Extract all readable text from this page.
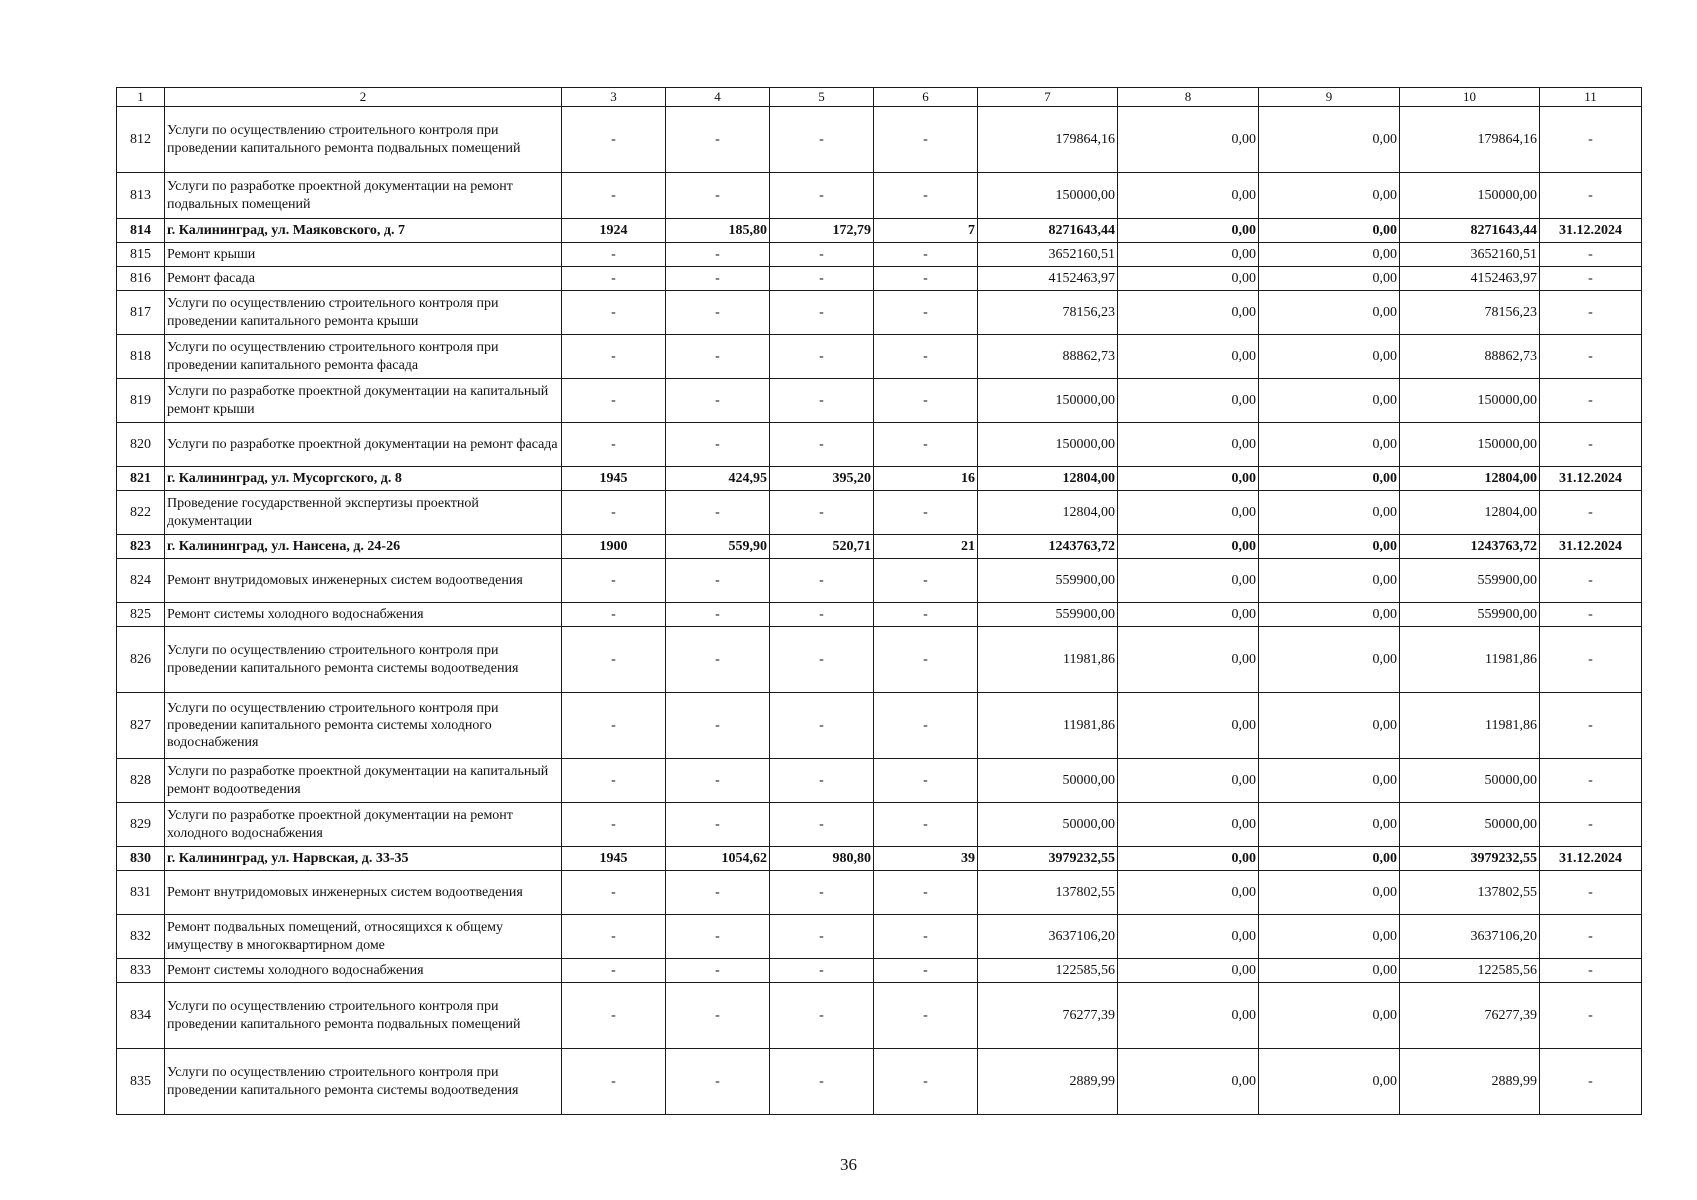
1	2	3	4	5	6	7	8	9	10	11
812	Услуги по осуществлению строительного контроля при проведении капитального ремонта подвальных помещений	-	-	-	-	179864,16	0,00	0,00	179864,16	-
813	Услуги по разработке проектной документации на ремонт подвальных помещений	-	-	-	-	150000,00	0,00	0,00	150000,00	-
814	г. Калининград, ул. Маяковского, д. 7	1924	185,80	172,79	7	8271643,44	0,00	0,00	8271643,44	31.12.2024
815	Ремонт крыши	-	-	-	-	3652160,51	0,00	0,00	3652160,51	-
816	Ремонт фасада	-	-	-	-	4152463,97	0,00	0,00	4152463,97	-
817	Услуги по осуществлению строительного контроля при проведении капитального ремонта крыши	-	-	-	-	78156,23	0,00	0,00	78156,23	-
818	Услуги по осуществлению строительного контроля при проведении капитального ремонта фасада	-	-	-	-	88862,73	0,00	0,00	88862,73	-
819	Услуги по разработке проектной документации на капитальный ремонт крыши	-	-	-	-	150000,00	0,00	0,00	150000,00	-
820	Услуги по разработке проектной документации на ремонт фасада	-	-	-	-	150000,00	0,00	0,00	150000,00	-
821	г. Калининград, ул. Мусоргского, д. 8	1945	424,95	395,20	16	12804,00	0,00	0,00	12804,00	31.12.2024
822	Проведение государственной экспертизы проектной документации	-	-	-	-	12804,00	0,00	0,00	12804,00	-
823	г. Калининград, ул. Нансена, д. 24-26	1900	559,90	520,71	21	1243763,72	0,00	0,00	1243763,72	31.12.2024
824	Ремонт внутридомовых инженерных систем водоотведения	-	-	-	-	559900,00	0,00	0,00	559900,00	-
825	Ремонт системы холодного водоснабжения	-	-	-	-	559900,00	0,00	0,00	559900,00	-
826	Услуги по осуществлению строительного контроля при проведении капитального ремонта системы водоотведения	-	-	-	-	11981,86	0,00	0,00	11981,86	-
827	Услуги по осуществлению строительного контроля при проведении капитального ремонта системы холодного водоснабжения	-	-	-	-	11981,86	0,00	0,00	11981,86	-
828	Услуги по разработке проектной документации на капитальный ремонт водоотведения	-	-	-	-	50000,00	0,00	0,00	50000,00	-
829	Услуги по разработке проектной документации на ремонт холодного водоснабжения	-	-	-	-	50000,00	0,00	0,00	50000,00	-
830	г. Калининград, ул. Нарвская, д. 33-35	1945	1054,62	980,80	39	3979232,55	0,00	0,00	3979232,55	31.12.2024
831	Ремонт внутридомовых инженерных систем водоотведения	-	-	-	-	137802,55	0,00	0,00	137802,55	-
832	Ремонт подвальных помещений, относящихся к общему имуществу в многоквартирном доме	-	-	-	-	3637106,20	0,00	0,00	3637106,20	-
833	Ремонт системы холодного водоснабжения	-	-	-	-	122585,56	0,00	0,00	122585,56	-
834	Услуги по осуществлению строительного контроля при проведении капитального ремонта подвальных помещений	-	-	-	-	76277,39	0,00	0,00	76277,39	-
835	Услуги по осуществлению строительного контроля при проведении капитального ремонта системы водоотведения	-	-	-	-	2889,99	0,00	0,00	2889,99	-
36
